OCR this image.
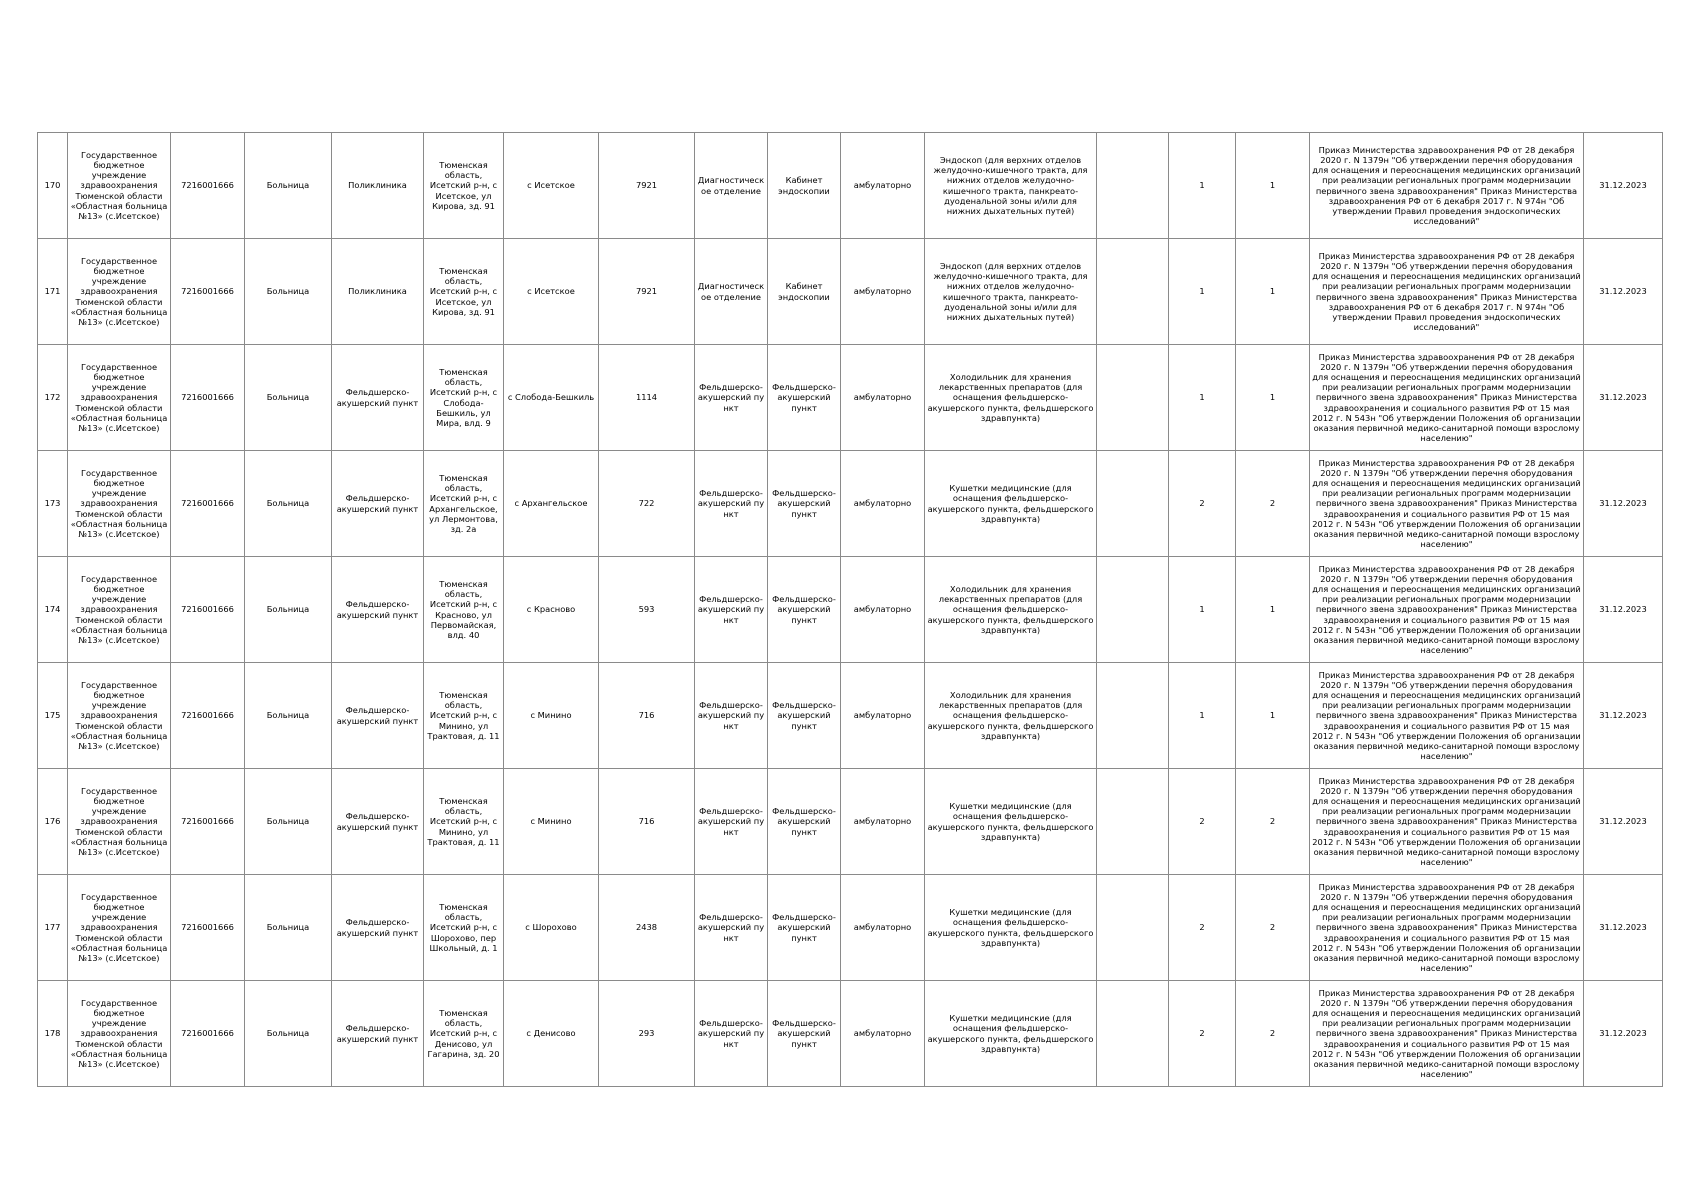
170	Государственное бюджетное учреждение здравоохранения Тюменской области «Областная больница №13» (с.Исетское)	7216001666	Больница	Поликлиника	Тюменская область, Исетский р-н, с Исетское, ул Кирова, зд. 91	с Исетское	7921	Диагностическое отделение	Кабинет эндоскопии	амбулаторно	Эндоскоп (для верхних отделов желудочно-кишечного тракта, для нижних отделов желудочно-кишечного тракта, панкреато-дуоденальной зоны и/или для нижних дыхательных путей)		1	1	Приказ Министерства здравоохранения РФ от 28 декабря 2020 г. N 1379н "Об утверждении перечня оборудования для оснащения и переоснащения медицинских организаций при реализации региональных программ модернизации первичного звена здравоохранения" Приказ Министерства здравоохранения РФ от 6 декабря 2017 г. N 974н "Об утверждении Правил проведения эндоскопических исследований"	31.12.2023
171	Государственное бюджетное учреждение здравоохранения Тюменской области «Областная больница №13» (с.Исетское)	7216001666	Больница	Поликлиника	Тюменская область, Исетский р-н, с Исетское, ул Кирова, зд. 91	с Исетское	7921	Диагностическое отделение	Кабинет эндоскопии	амбулаторно	Эндоскоп (для верхних отделов желудочно-кишечного тракта, для нижних отделов желудочно-кишечного тракта, панкреато-дуоденальной зоны и/или для нижних дыхательных путей)		1	1	Приказ Министерства здравоохранения РФ от 28 декабря 2020 г. N 1379н "Об утверждении перечня оборудования для оснащения и переоснащения медицинских организаций при реализации региональных программ модернизации первичного звена здравоохранения" Приказ Министерства здравоохранения РФ от 6 декабря 2017 г. N 974н "Об утверждении Правил проведения эндоскопических исследований"	31.12.2023
172	Государственное бюджетное учреждение здравоохранения Тюменской области «Областная больница №13» (с.Исетское)	7216001666	Больница	Фельдшерско-акушерский пункт	Тюменская область, Исетский р-н, с Слобода-Бешкиль, ул Мира, влд. 9	с Слобода-Бешкиль	1114	Фельдшерско-акушерский пункт	Фельдшерско-акушерский пункт	амбулаторно	Холодильник для хранения лекарственных препаратов (для оснащения фельдшерско-акушерского пункта, фельдшерского здравпункта)		1	1	Приказ Министерства здравоохранения РФ от 28 декабря 2020 г. N 1379н "Об утверждении перечня оборудования для оснащения и переоснащения медицинских организаций при реализации региональных программ модернизации первичного звена здравоохранения" Приказ Министерства здравоохранения и социального развития РФ от 15 мая 2012 г. N 543н "Об утверждении Положения об организации оказания первичной медико-санитарной помощи взрослому населению"	31.12.2023
173	Государственное бюджетное учреждение здравоохранения Тюменской области «Областная больница №13» (с.Исетское)	7216001666	Больница	Фельдшерско-акушерский пункт	Тюменская область, Исетский р-н, с Архангельское, ул Лермонтова, зд. 2а	с Архангельское	722	Фельдшерско-акушерский пункт	Фельдшерско-акушерский пункт	амбулаторно	Кушетки медицинские (для оснащения фельдшерско-акушерского пункта, фельдшерского здравпункта)		2	2	Приказ Министерства здравоохранения РФ от 28 декабря 2020 г. N 1379н "Об утверждении перечня оборудования для оснащения и переоснащения медицинских организаций при реализации региональных программ модернизации первичного звена здравоохранения" Приказ Министерства здравоохранения и социального развития РФ от 15 мая 2012 г. N 543н "Об утверждении Положения об организации оказания первичной медико-санитарной помощи взрослому населению"	31.12.2023
174	Государственное бюджетное учреждение здравоохранения Тюменской области «Областная больница №13» (с.Исетское)	7216001666	Больница	Фельдшерско-акушерский пункт	Тюменская область, Исетский р-н, с Красново, ул Первомайская, влд. 40	с Красново	593	Фельдшерско-акушерский пункт	Фельдшерско-акушерский пункт	амбулаторно	Холодильник для хранения лекарственных препаратов (для оснащения фельдшерско-акушерского пункта, фельдшерского здравпункта)		1	1	Приказ Министерства здравоохранения РФ от 28 декабря 2020 г. N 1379н "Об утверждении перечня оборудования для оснащения и переоснащения медицинских организаций при реализации региональных программ модернизации первичного звена здравоохранения" Приказ Министерства здравоохранения и социального развития РФ от 15 мая 2012 г. N 543н "Об утверждении Положения об организации оказания первичной медико-санитарной помощи взрослому населению"	31.12.2023
175	Государственное бюджетное учреждение здравоохранения Тюменской области «Областная больница №13» (с.Исетское)	7216001666	Больница	Фельдшерско-акушерский пункт	Тюменская область, Исетский р-н, с Минино, ул Трактовая, д. 11	с Минино	716	Фельдшерско-акушерский пункт	Фельдшерско-акушерский пункт	амбулаторно	Холодильник для хранения лекарственных препаратов (для оснащения фельдшерско-акушерского пункта, фельдшерского здравпункта)		1	1	Приказ Министерства здравоохранения РФ от 28 декабря 2020 г. N 1379н "Об утверждении перечня оборудования для оснащения и переоснащения медицинских организаций при реализации региональных программ модернизации первичного звена здравоохранения" Приказ Министерства здравоохранения и социального развития РФ от 15 мая 2012 г. N 543н "Об утверждении Положения об организации оказания первичной медико-санитарной помощи взрослому населению"	31.12.2023
176	Государственное бюджетное учреждение здравоохранения Тюменской области «Областная больница №13» (с.Исетское)	7216001666	Больница	Фельдшерско-акушерский пункт	Тюменская область, Исетский р-н, с Минино, ул Трактовая, д. 11	с Минино	716	Фельдшерско-акушерский пункт	Фельдшерско-акушерский пункт	амбулаторно	Кушетки медицинские (для оснащения фельдшерско-акушерского пункта, фельдшерского здравпункта)		2	2	Приказ Министерства здравоохранения РФ от 28 декабря 2020 г. N 1379н "Об утверждении перечня оборудования для оснащения и переоснащения медицинских организаций при реализации региональных программ модернизации первичного звена здравоохранения" Приказ Министерства здравоохранения и социального развития РФ от 15 мая 2012 г. N 543н "Об утверждении Положения об организации оказания первичной медико-санитарной помощи взрослому населению"	31.12.2023
177	Государственное бюджетное учреждение здравоохранения Тюменской области «Областная больница №13» (с.Исетское)	7216001666	Больница	Фельдшерско-акушерский пункт	Тюменская область, Исетский р-н, с Шорохово, пер Школьный, д. 1	с Шорохово	2438	Фельдшерско-акушерский пункт	Фельдшерско-акушерский пункт	амбулаторно	Кушетки медицинские (для оснащения фельдшерско-акушерского пункта, фельдшерского здравпункта)		2	2	Приказ Министерства здравоохранения РФ от 28 декабря 2020 г. N 1379н "Об утверждении перечня оборудования для оснащения и переоснащения медицинских организаций при реализации региональных программ модернизации первичного звена здравоохранения" Приказ Министерства здравоохранения и социального развития РФ от 15 мая 2012 г. N 543н "Об утверждении Положения об организации оказания первичной медико-санитарной помощи взрослому населению"	31.12.2023
178	Государственное бюджетное учреждение здравоохранения Тюменской области «Областная больница №13» (с.Исетское)	7216001666	Больница	Фельдшерско-акушерский пункт	Тюменская область, Исетский р-н, с Денисово, ул Гагарина, зд. 20	с Денисово	293	Фельдшерско-акушерский пункт	Фельдшерско-акушерский пункт	амбулаторно	Кушетки медицинские (для оснащения фельдшерско-акушерского пункта, фельдшерского здравпункта)		2	2	Приказ Министерства здравоохранения РФ от 28 декабря 2020 г. N 1379н "Об утверждении перечня оборудования для оснащения и переоснащения медицинских организаций при реализации региональных программ модернизации первичного звена здравоохранения" Приказ Министерства здравоохранения и социального развития РФ от 15 мая 2012 г. N 543н "Об утверждении Положения об организации оказания первичной медико-санитарной помощи взрослому населению"	31.12.2023
